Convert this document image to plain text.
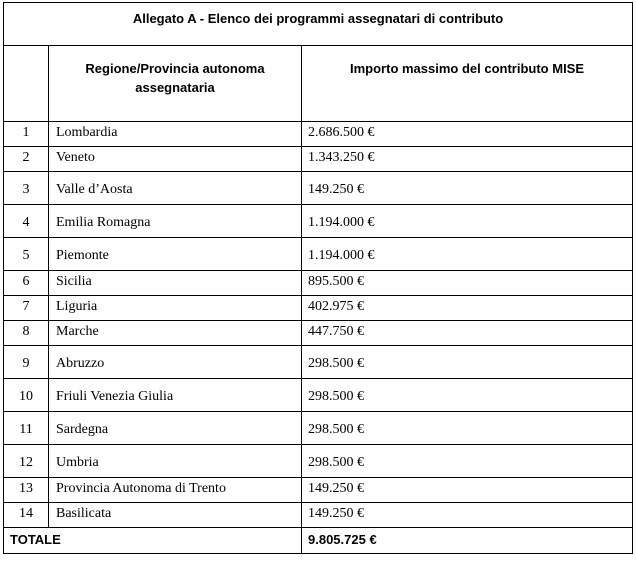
Allegato A - Elenco dei programmi assegnatari di contributo		

	Regione/Provincia autonoma assegnataria	Importo massimo del contributo MISE

1	Lombardia	2.686.500 €

2	Veneto	1.343.250 €

3	Valle d’Aosta	149.250 €

4	Emilia Romagna	1.194.000 €

5	Piemonte	1.194.000 €

6	Sicilia	895.500 €

7	Liguria	402.975 €

8	Marche	447.750 €

9	Abruzzo	298.500 €

10	Friuli Venezia Giulia	298.500 €

11	Sardegna	298.500 €

12	Umbria	298.500 €

13	Provincia Autonoma di Trento	149.250 €

14	Basilicata	149.250 €

TOTALE		9.805.725 €
